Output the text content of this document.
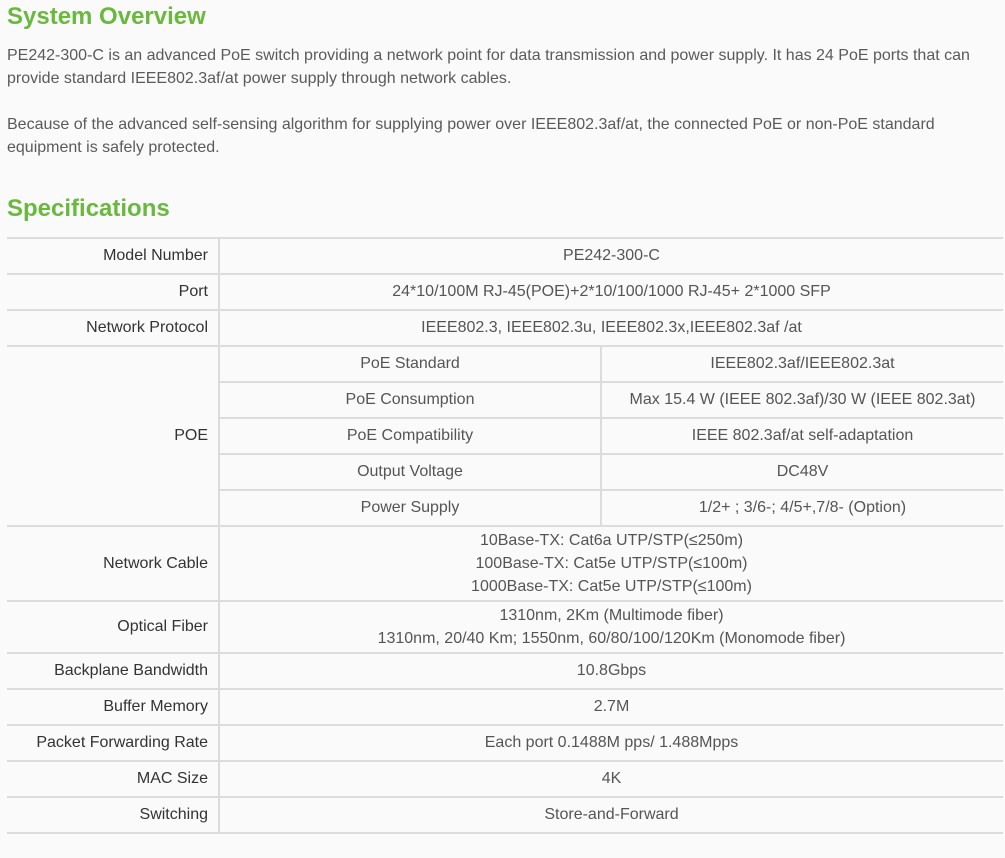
System Overview

PE242-300-C is an advanced PoE switch providing a network point for data transmission and power supply. It has 24 PoE ports that can provide standard IEEE802.3af/at power supply through network cables.

Because of the advanced self-sensing algorithm for supplying power over IEEE802.3af/at, the connected PoE or non-PoE standard equipment is safely protected.

Specifications
Model Number	PE242-300-C	
Port	24*10/100M RJ-45(POE)+2*10/100/1000 RJ-45+ 2*1000 SFP	
Network Protocol	IEEE802.3, IEEE802.3u, IEEE802.3x,IEEE802.3af /at	
POE	PoE Standard	IEEE802.3af/IEEE802.3at
	PoE Consumption	Max 15.4 W (IEEE 802.3af)/30 W (IEEE 802.3at)
	PoE Compatibility	IEEE 802.3af/at self-adaptation
	Output Voltage	DC48V
	Power Supply	1/2+ ; 3/6-; 4/5+,7/8- (Option)
Network Cable	10Base-TX: Cat6a UTP/STP(≤250m)
100Base-TX: Cat5e UTP/STP(≤100m)
1000Base-TX: Cat5e UTP/STP(≤100m)	

Optical Fiber	1310nm, 2Km (Multimode fiber)
1310nm, 20/40 Km; 1550nm, 60/80/100/120Km (Monomode fiber)	

Backplane Bandwidth	10.8Gbps	
Buffer Memory	2.7M	
Packet Forwarding Rate	Each port 0.1488M pps/ 1.488Mpps	
MAC Size	4K	
Switching	Store-and-Forward	
